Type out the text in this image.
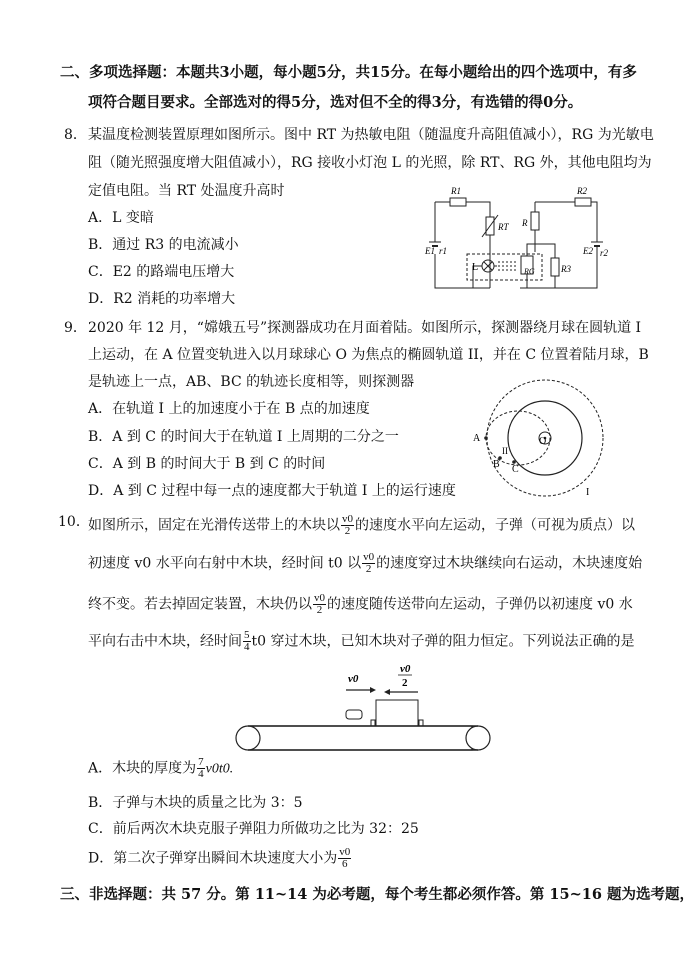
二、多项选择题：本题共3小题，每小题5分，共15分。在每小题给出的四个选项中，有多
项符合题目要求。全部选对的得5分，选对但不全的得3分，有选错的得0分。
8． 某温度检测装置原理如图所示。图中 RT 为热敏电阻（随温度升高阻值减小），RG 为光敏电
阻（随光照强度增大阻值减小），RG 接收小灯泡 L 的光照，除 RT、RG 外，其他电阻均为
定值电阻。当 RT 处温度升高时
A．L 变暗
B．通过 R3 的电流减小
C．E2 的路端电压增大
D．R2 消耗的功率增大
R1	R2
RT R
RG	R3
E1 r1	E2 r2
L
9． 2020 年 12 月，“嫦娥五号”探测器成功在月面着陆。如图所示，探测器绕月球在圆轨道 I
上运动，在 A 位置变轨进入以月球球心 O 为焦点的椭圆轨道 II，并在 C 位置着陆月球，B
是轨迹上一点，AB、BC 的轨迹长度相等，则探测器
A．在轨道 I 上的加速度小于在 B 点的加速度
B．A 到 C 的时间大于在轨道 I 上周期的二分之一
C．A 到 B 的时间大于 B 到 C 的时间
D．A 到 C 过程中每一点的速度都大于轨道 I 上的运行速度
A
B C
O
I
II
10．
如图所示，固定在光滑传送带上的木块以 $\frac{v0}{2}$ 的速度水平向左运动，子弹（可视为质点）以
初速度 v0 水平向右射中木块，经时间 t0 以 $\frac{v0}{2}$ 的速度穿过木块继续向右运动，木块速度始
终不变。若去掉固定装置，木块仍以 $\frac{v0}{2}$ 的速度随传送带向左运动，子弹仍以初速度 v0 水
平向右击中木块，经时间 $\frac{5}{4} t0$ 穿过木块，已知木块对子弹的阻力恒定。下列说法正确的是
v0
v0
2
A．木块的厚度为 $\frac{7}{4} v0t0$.
B．子弹与木块的质量之比为 3：5
C．前后两次木块克服子弹阻力所做功之比为 32：25
D．第二次子弹穿出瞬间木块速度大小为 $\frac{v0}{6}$
三、非选择题：共 57 分。第 11~14 为必考题，每个考生都必须作答。第 15~16 题为选考题，
